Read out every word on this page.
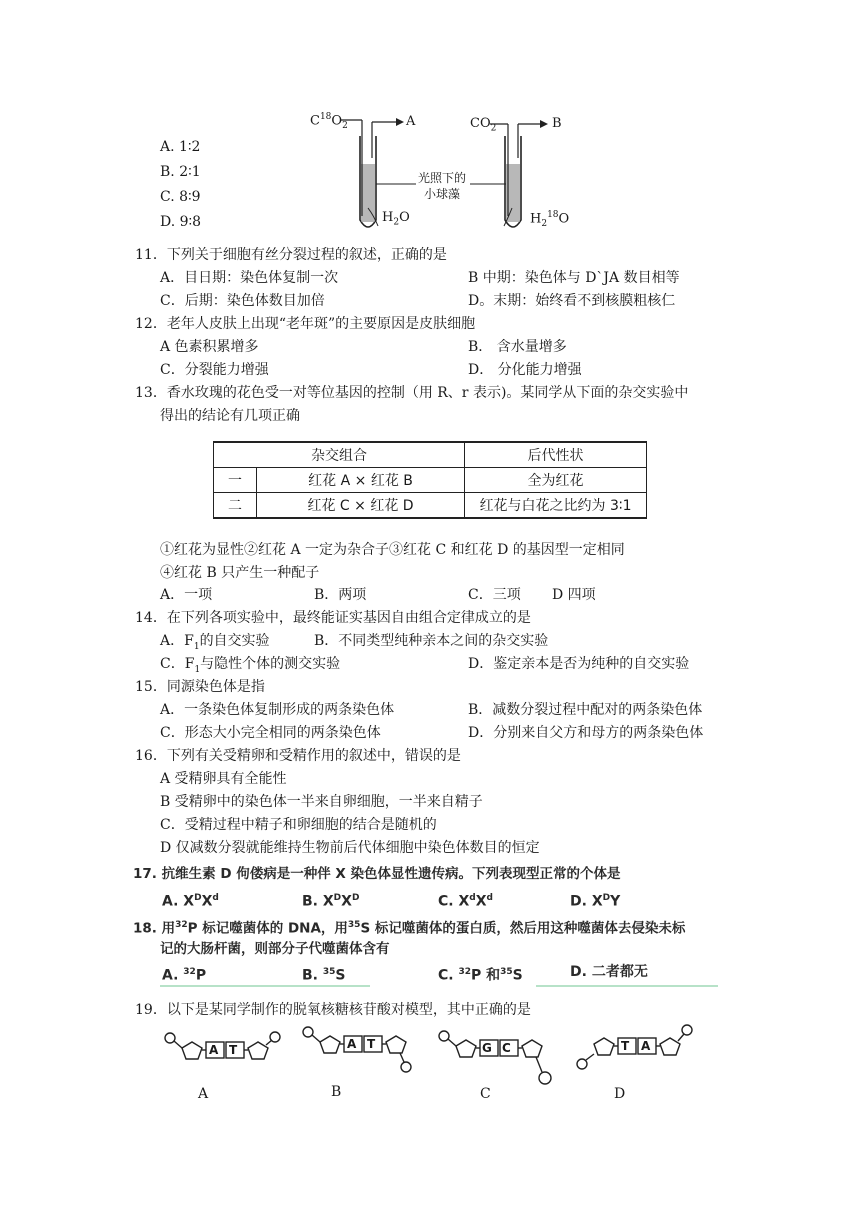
A. 1∶2
B. 2∶1
C. 8∶9
D. 9∶8
$C^{18}O_2$	A	$CO_2$	B
光照下的
小球藻
$H_2O$	$H_2^{18}O$
11．下列关于细胞有丝分裂过程的叙述，正确的是
A．目日期：染色体复制一次	B 中期：染色体与 D`JA 数目相等
C．后期：染色体数目加倍	D。末期：始终看不到核膜粗核仁
12．老年人皮肤上出现“老年斑”的主要原因是皮肤细胞
A 色素积累增多	B． 含水量增多
C．分裂能力增强	D． 分化能力增强
13．香水玫瑰的花色受一对等位基因的控制（用 R、r 表示)。某同学从下面的杂交实验中
得出的结论有几项正确
杂交组合		后代性状
一	红花 A × 红花 B	全为红花
二	红花 C × 红花 D	红花与白花之比约为 3∶1
①红花为显性②红花 A 一定为杂合子③红花 C 和红花 D 的基因型一定相同
④红花 B 只产生一种配子
A．一项	B．两项	C．三项 D 四项
14．在下列各项实验中，最终能证实基因自由组合定律成立的是
A．$F_1$的自交实验	B．不同类型纯种亲本之间的杂交实验
C．$F_1$与隐性个体的测交实验	D．鉴定亲本是否为纯种的自交实验
15．同源染色体是指
A．一条染色体复制形成的两条染色体	B．减数分裂过程中配对的两条染色体
C．形态大小完全相同的两条染色体	D．分别来自父方和母方的两条染色体
16．下列有关受精卵和受精作用的叙述中，错误的是
A 受精卵具有全能性
B 受精卵中的染色体一半来自卵细胞，一半来自精子
C．受精过程中精子和卵细胞的结合是随机的
D 仅减数分裂就能维持生物前后代体细胞中染色体数目的恒定
17. 抗维生素 D 佝偻病是一种伴 X 染色体显性遗传病。下列表现型正常的个体是
A. $X^DX^d$	B. $X^DX^D$	C. $X^dX^d$	D. $X^DY$
18. 用$^{32}$P 标记噬菌体的 DNA，用$^{35}$S 标记噬菌体的蛋白质，然后用这种噬菌体去侵染未标
记的大肠杆菌，则部分子代噬菌体含有
A. $^{32}$P	B. $^{35}$S	C. $^{32}$P 和$^{35}$S	D. 二者都无
19．以下是某同学制作的脱氧核糖核苷酸对模型，其中正确的是
A T
A
A T
B
G C
C
T A
D
